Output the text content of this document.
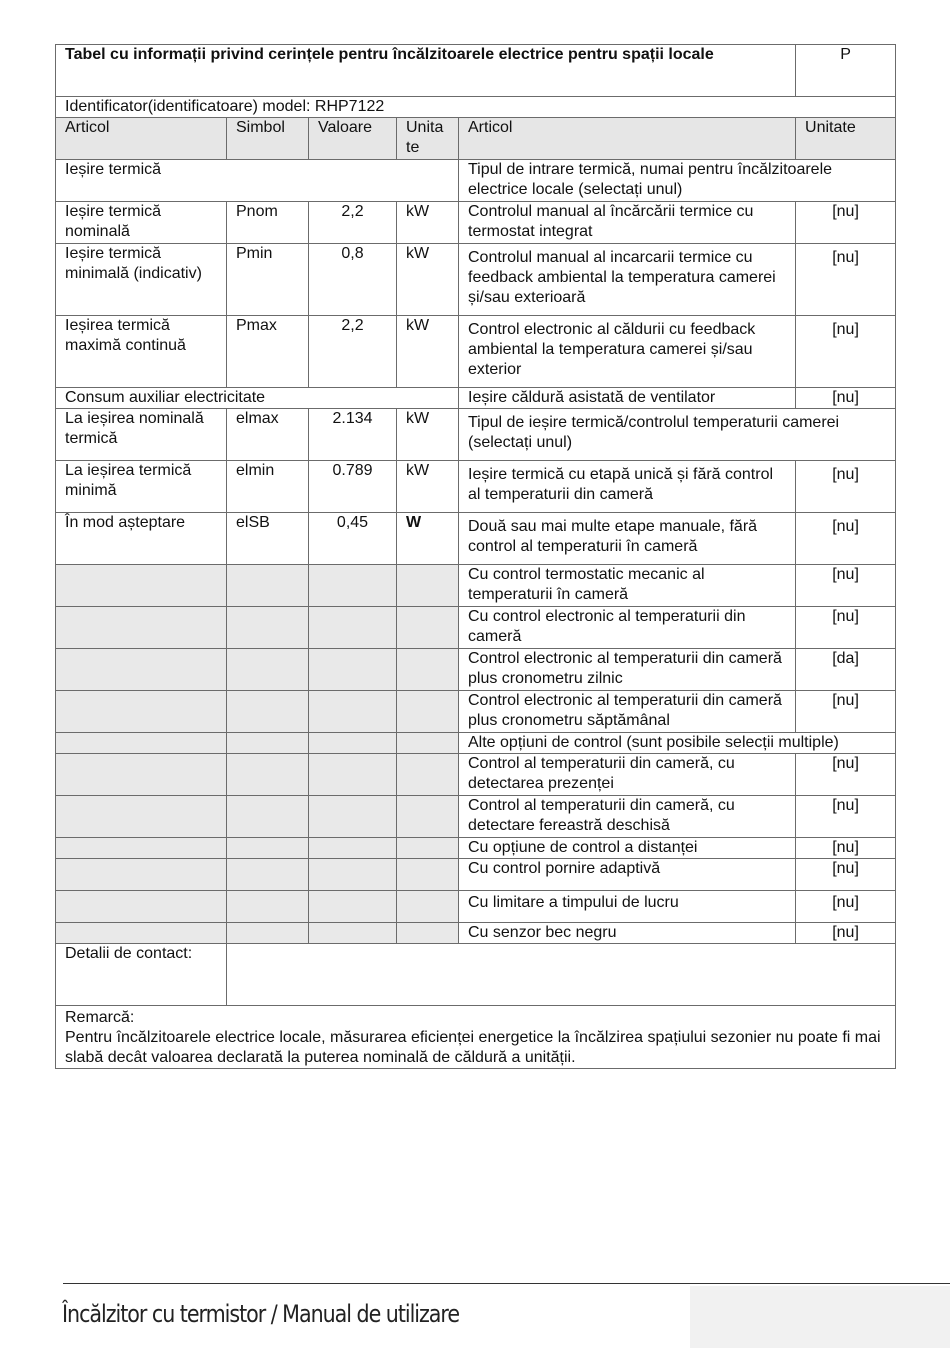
Tabel cu informații privind cerințele pentru încălzitoarele electrice pentru spații locale					P
Identificator(identificatoare) model: RHP7122					
Articol	Simbol	Valoare	Unita te	Articol	Unitate
Ieșire termică				Tipul de intrare termică, numai pentru încălzitoarele electrice locale (selectați unul)	
Ieșire termică nominală	Pnom	2,2	kW	Controlul manual al încărcării termice cu termostat integrat	[nu]
Ieșire termică minimală (indicativ)	Pmin	0,8	kW	Controlul manual al incarcarii termice cu feedback ambiental la temperatura camerei și/sau exterioară	[nu]
Ieșirea termică maximă continuă	Pmax	2,2	kW	Control electronic al căldurii cu feedback ambiental la temperatura camerei și/sau exterior	[nu]
Consum auxiliar electricitate				Ieșire căldură asistată de ventilator	[nu]
La ieșirea nominală termică	elmax	2.134	kW	Tipul de ieșire termică/controlul temperaturii camerei (selectați unul)	
La ieșirea termică minimă	elmin	0.789	kW	Ieșire termică cu etapă unică și fără control al temperaturii din cameră	[nu]
În mod așteptare	elSB	0,45	W	Două sau mai multe etape manuale, fără control al temperaturii în cameră	[nu]
				Cu control termostatic mecanic al temperaturii în cameră	[nu]
				Cu control electronic al temperaturii din cameră	[nu]
				Control electronic al temperaturii din cameră plus cronometru zilnic	[da]
				Control electronic al temperaturii din cameră plus cronometru săptămânal	[nu]
				Alte opțiuni de control (sunt posibile selecții multiple)	
				Control al temperaturii din cameră, cu detectarea prezenței	[nu]
				Control al temperaturii din cameră, cu detectare fereastră deschisă	[nu]
				Cu opțiune de control a distanței	[nu]
				Cu control pornire adaptivă	[nu]
				Cu limitare a timpului de lucru	[nu]
				Cu senzor bec negru	[nu]
Detalii de contact:					

Remarcă:
Pentru încălzitoarele electrice locale, măsurarea eficienței energetice la încălzirea spațiului sezonier nu poate fi mai slabă decât valoarea declarată la puterea nominală de căldură a unității.					
Încălzitor cu termistor / Manual de utilizare
